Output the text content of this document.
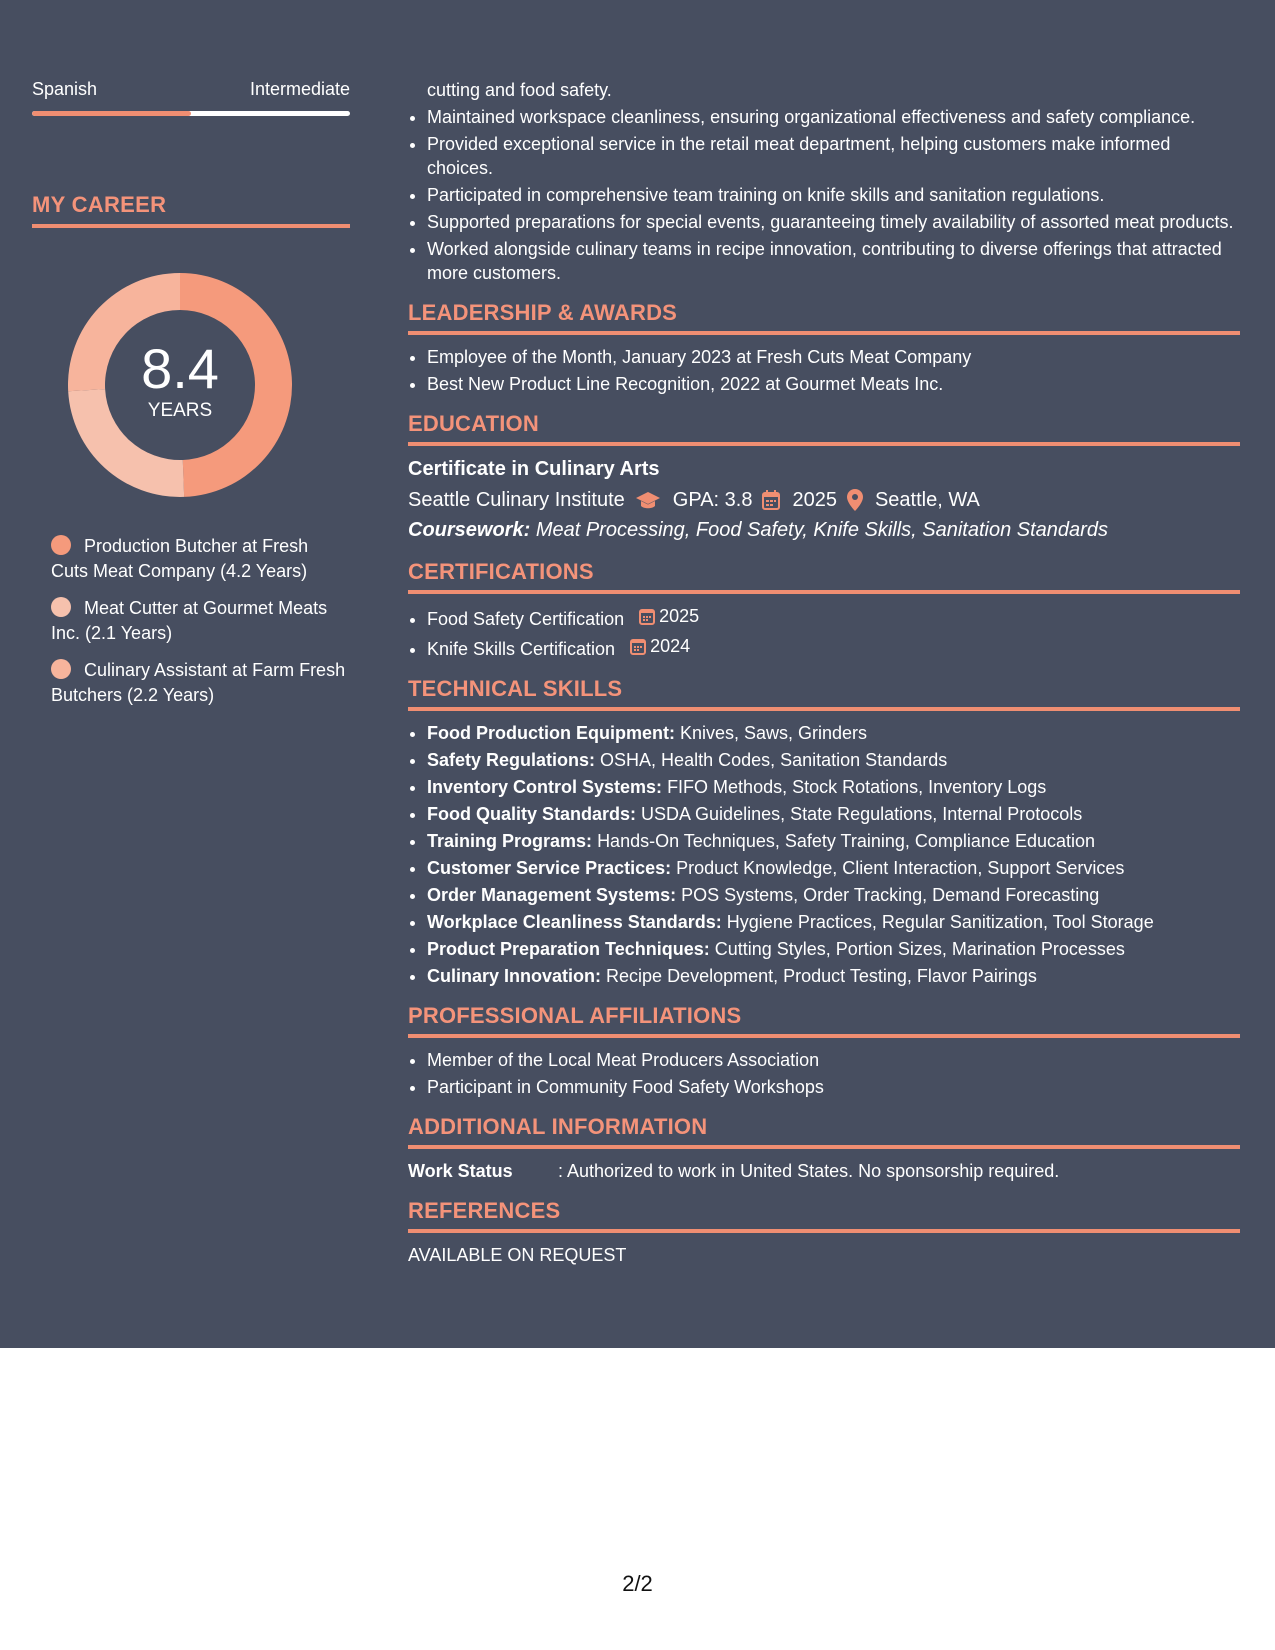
Spanish	Intermediate
MY CAREER
8.4
YEARS
Production Butcher at Fresh Cuts Meat Company (4.2 Years)
Meat Cutter at Gourmet Meats Inc. (2.1 Years)
Culinary Assistant at Farm Fresh Butchers (2.2 Years)
cutting and food safety.
• Maintained workspace cleanliness, ensuring organizational effectiveness and safety compliance.
• Provided exceptional service in the retail meat department, helping customers make informed choices.
• Participated in comprehensive team training on knife skills and sanitation regulations.
• Supported preparations for special events, guaranteeing timely availability of assorted meat products.
• Worked alongside culinary teams in recipe innovation, contributing to diverse offerings that attracted more customers.
LEADERSHIP & AWARDS
• Employee of the Month, January 2023 at Fresh Cuts Meat Company
• Best New Product Line Recognition, 2022 at Gourmet Meats Inc.
EDUCATION
Certificate in Culinary Arts
Seattle Culinary Institute GPA: 3.8 2025 Seattle, WA
Coursework: Meat Processing, Food Safety, Knife Skills, Sanitation Standards
CERTIFICATIONS
• Food Safety Certification 2025
• Knife Skills Certification 2024
TECHNICAL SKILLS
• Food Production Equipment: Knives, Saws, Grinders
• Safety Regulations: OSHA, Health Codes, Sanitation Standards
• Inventory Control Systems: FIFO Methods, Stock Rotations, Inventory Logs
• Food Quality Standards: USDA Guidelines, State Regulations, Internal Protocols
• Training Programs: Hands-On Techniques, Safety Training, Compliance Education
• Customer Service Practices: Product Knowledge, Client Interaction, Support Services
• Order Management Systems: POS Systems, Order Tracking, Demand Forecasting
• Workplace Cleanliness Standards: Hygiene Practices, Regular Sanitization, Tool Storage
• Product Preparation Techniques: Cutting Styles, Portion Sizes, Marination Processes
• Culinary Innovation: Recipe Development, Product Testing, Flavor Pairings
PROFESSIONAL AFFILIATIONS
• Member of the Local Meat Producers Association
• Participant in Community Food Safety Workshops
ADDITIONAL INFORMATION
Work Status	: Authorized to work in United States. No sponsorship required.
REFERENCES
AVAILABLE ON REQUEST
2/2
